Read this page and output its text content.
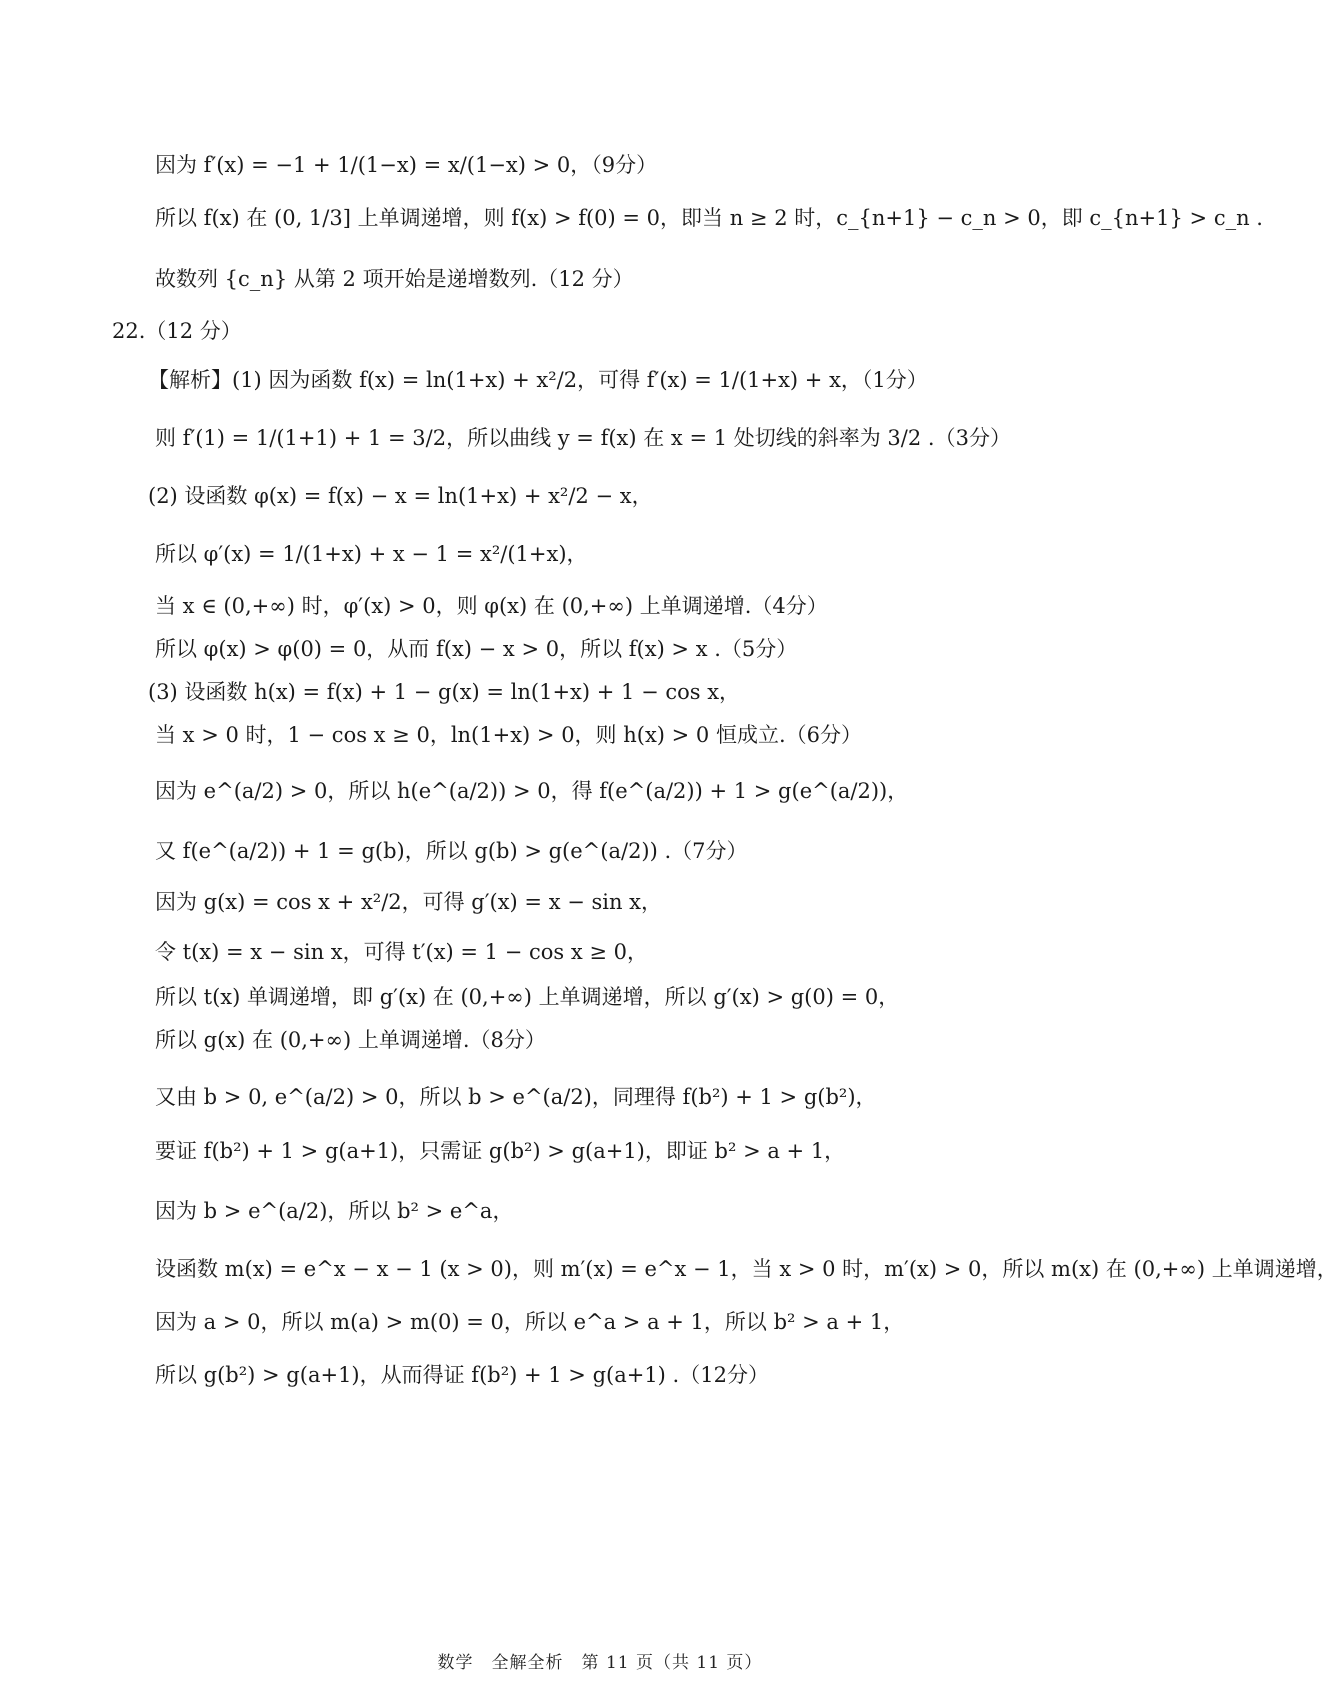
因为 f′(x) = −1 + 1/(1−x) = x/(1−x) > 0，（9分）
所以 f(x) 在 (0, 1/3] 上单调递增，则 f(x) > f(0) = 0，即当 n ≥ 2 时，c_{n+1} − c_n > 0，即 c_{n+1} > c_n .
故数列 {c_n} 从第 2 项开始是递增数列.（12 分）
22.（12 分）
【解析】(1) 因为函数 f(x) = ln(1+x) + x²/2，可得 f′(x) = 1/(1+x) + x，（1分）
则 f′(1) = 1/(1+1) + 1 = 3/2，所以曲线 y = f(x) 在 x = 1 处切线的斜率为 3/2 .（3分）
(2) 设函数 φ(x) = f(x) − x = ln(1+x) + x²/2 − x，
所以 φ′(x) = 1/(1+x) + x − 1 = x²/(1+x)，
当 x ∈ (0,+∞) 时，φ′(x) > 0，则 φ(x) 在 (0,+∞) 上单调递增.（4分）
所以 φ(x) > φ(0) = 0，从而 f(x) − x > 0，所以 f(x) > x .（5分）
(3) 设函数 h(x) = f(x) + 1 − g(x) = ln(1+x) + 1 − cos x，
当 x > 0 时，1 − cos x ≥ 0，ln(1+x) > 0，则 h(x) > 0 恒成立.（6分）
因为 e^(a/2) > 0，所以 h(e^(a/2)) > 0，得 f(e^(a/2)) + 1 > g(e^(a/2))，
又 f(e^(a/2)) + 1 = g(b)，所以 g(b) > g(e^(a/2)) .（7分）
因为 g(x) = cos x + x²/2，可得 g′(x) = x − sin x，
令 t(x) = x − sin x，可得 t′(x) = 1 − cos x ≥ 0，
所以 t(x) 单调递增，即 g′(x) 在 (0,+∞) 上单调递增，所以 g′(x) > g(0) = 0，
所以 g(x) 在 (0,+∞) 上单调递增.（8分）
又由 b > 0, e^(a/2) > 0，所以 b > e^(a/2)，同理得 f(b²) + 1 > g(b²)，
要证 f(b²) + 1 > g(a+1)，只需证 g(b²) > g(a+1)，即证 b² > a + 1，
因为 b > e^(a/2)，所以 b² > e^a，
设函数 m(x) = e^x − x − 1 (x > 0)，则 m′(x) = e^x − 1，当 x > 0 时，m′(x) > 0，所以 m(x) 在 (0,+∞) 上单调递增，
因为 a > 0，所以 m(a) > m(0) = 0，所以 e^a > a + 1，所以 b² > a + 1，
所以 g(b²) > g(a+1)，从而得证 f(b²) + 1 > g(a+1) .（12分）
数学　全解全析　第 11 页（共 11 页）
